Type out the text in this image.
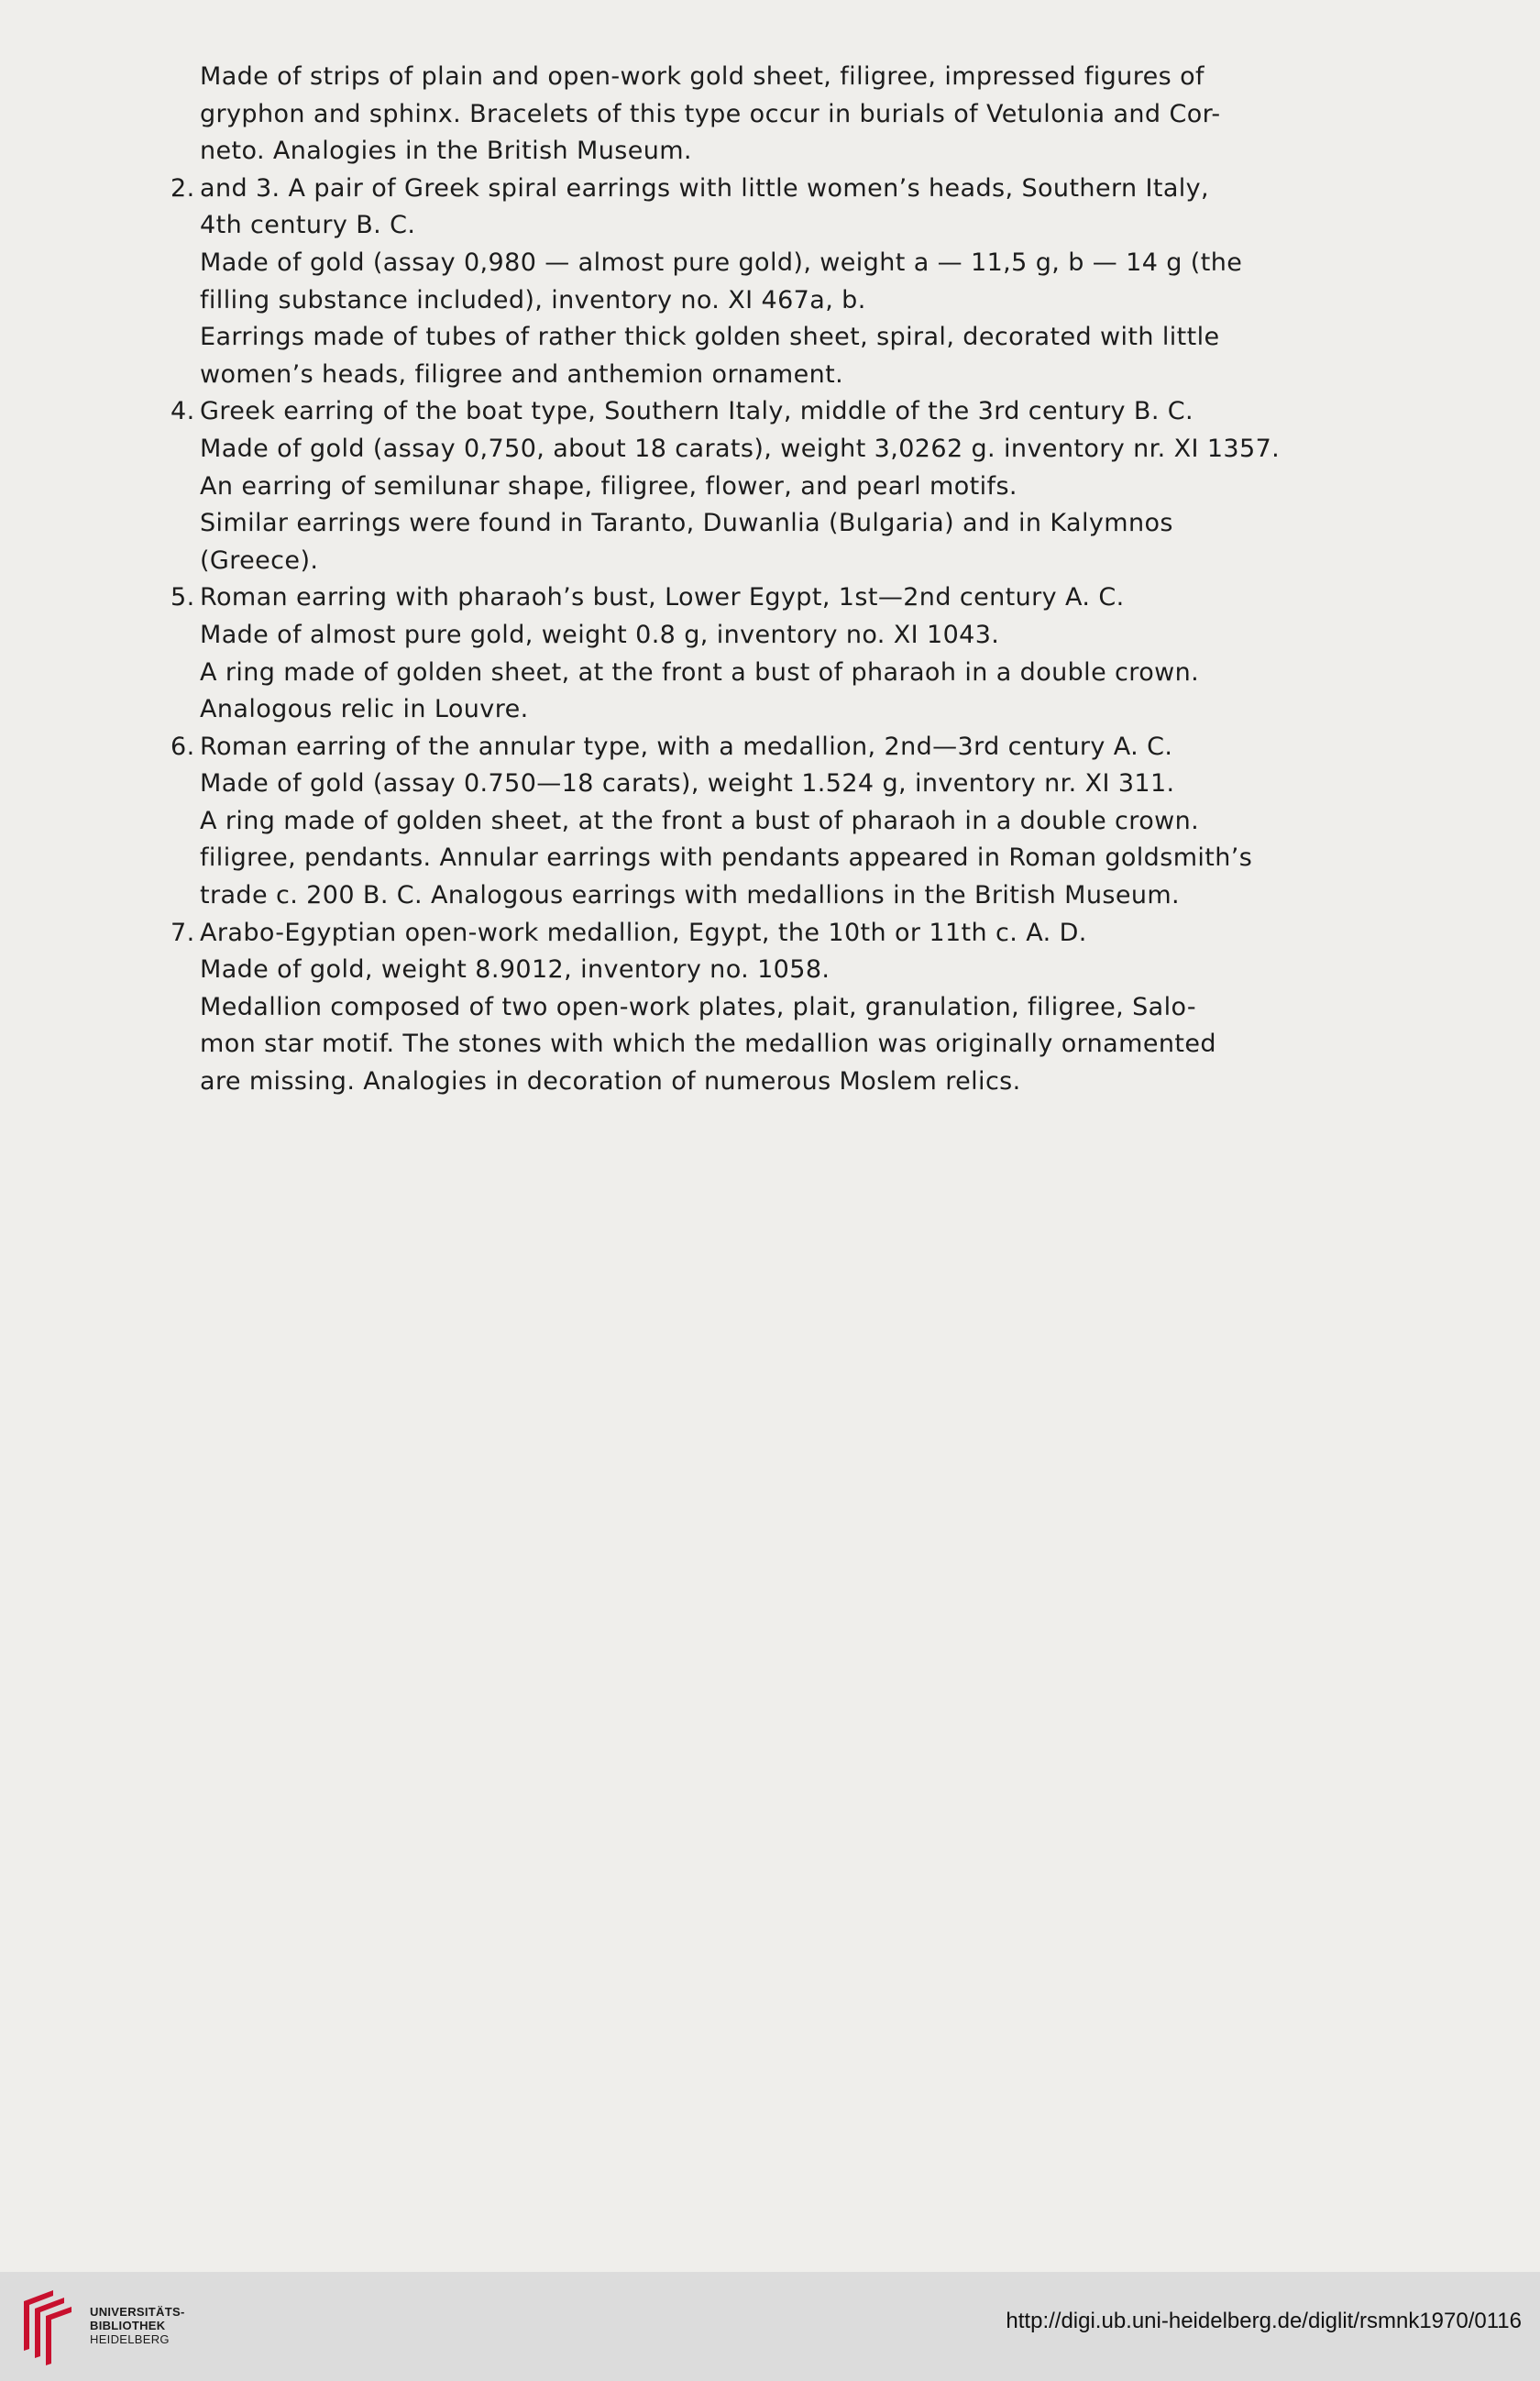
Made of strips of plain and open-work gold sheet, filigree, impressed figures of
gryphon and sphinx. Bracelets of this type occur in burials of Vetulonia and Cor-
neto. Analogies in the British Museum.
2. and 3. A pair of Greek spiral earrings with little women’s heads, Southern Italy,
4th century B. C.
Made of gold (assay 0,980 — almost pure gold), weight a — 11,5 g, b — 14 g (the
filling substance included), inventory no. XI 467a, b.
Earrings made of tubes of rather thick golden sheet, spiral, decorated with little
women’s heads, filigree and anthemion ornament.
4. Greek earring of the boat type, Southern Italy, middle of the 3rd century B. C.
Made of gold (assay 0,750, about 18 carats), weight 3,0262 g. inventory nr. XI 1357.
An earring of semilunar shape, filigree, flower, and pearl motifs.
Similar earrings were found in Taranto, Duwanlia (Bulgaria) and in Kalymnos
(Greece).
5. Roman earring with pharaoh’s bust, Lower Egypt, 1st—2nd century A. C.
Made of almost pure gold, weight 0.8 g, inventory no. XI 1043.
A ring made of golden sheet, at the front a bust of pharaoh in a double crown.
Analogous relic in Louvre.
6. Roman earring of the annular type, with a medallion, 2nd—3rd century A. C.
Made of gold (assay 0.750—18 carats), weight 1.524 g, inventory nr. XI 311.
A ring made of golden sheet, at the front a bust of pharaoh in a double crown.
filigree, pendants. Annular earrings with pendants appeared in Roman goldsmith’s
trade c. 200 B. C. Analogous earrings with medallions in the British Museum.
7. Arabo-Egyptian open-work medallion, Egypt, the 10th or 11th c. A. D.
Made of gold, weight 8.9012, inventory no. 1058.
Medallion composed of two open-work plates, plait, granulation, filigree, Salo-
mon star motif. The stones with which the medallion was originally ornamented
are missing. Analogies in decoration of numerous Moslem relics.
UNIVERSITÄTS-
BIBLIOTHEK
HEIDELBERG
http://digi.ub.uni-heidelberg.de/diglit/rsmnk1970/0116
